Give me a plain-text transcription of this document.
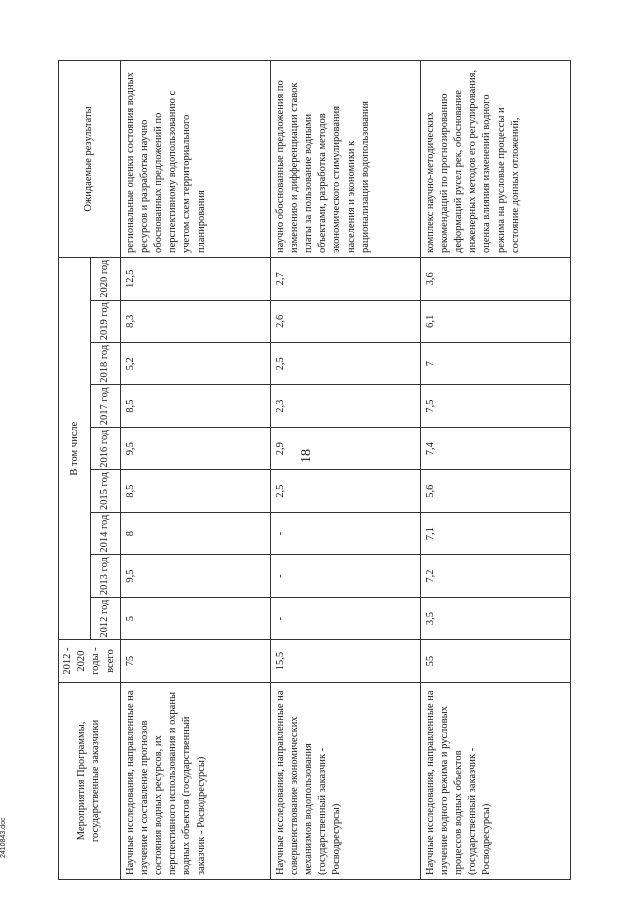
18
Мероприятия Программы, государственные заказчики	2012 - 2020 годы - всего	В том числе									Ожидаемые результаты
		2012 год	2013 год	2014 год	2015 год	2016 год	2017 год	2018 год	2019 год	2020 год	
Научные исследования, направленные на изучение и составление прогнозов состояния водных ресурсов, их перспективного использования и охраны водных объектов (государственный заказчик - Росводресурсы)	75	5	9,5	8	8,5	9,5	8,5	5,2	8,3	12,5	региональные оценки состояния водных ресурсов и разработка научно обоснованных предложений по перспективному водопользованию с учетом схем территориального планирования
Научные исследования, направленные на совершенствование экономических механизмов водопользования (государственный заказчик - Росводресурсы)	15,5	-	-	-	2,5	2,9	2,3	2,5	2,6	2,7	научно обоснованные предложения по изменению и дифференциации ставок платы за пользование водными объектами, разработка методов экономического стимулирования населения и экономики к рационализации водопользования
Научные исследования, направленные на изучение водного режима и русловых процессов водных объектов (государственный заказчик - Росводресурсы)	55	3,5	7,2	7,1	5,6	7,4	7,5	7	6,1	3,6	комплекс научно-методических рекомендаций по прогнозированию деформаций русел рек, обоснование инженерных методов его регулирования, оценка влияния изменений водного режима на русловые процессы и состояние донных отложений,
2410843.doc
